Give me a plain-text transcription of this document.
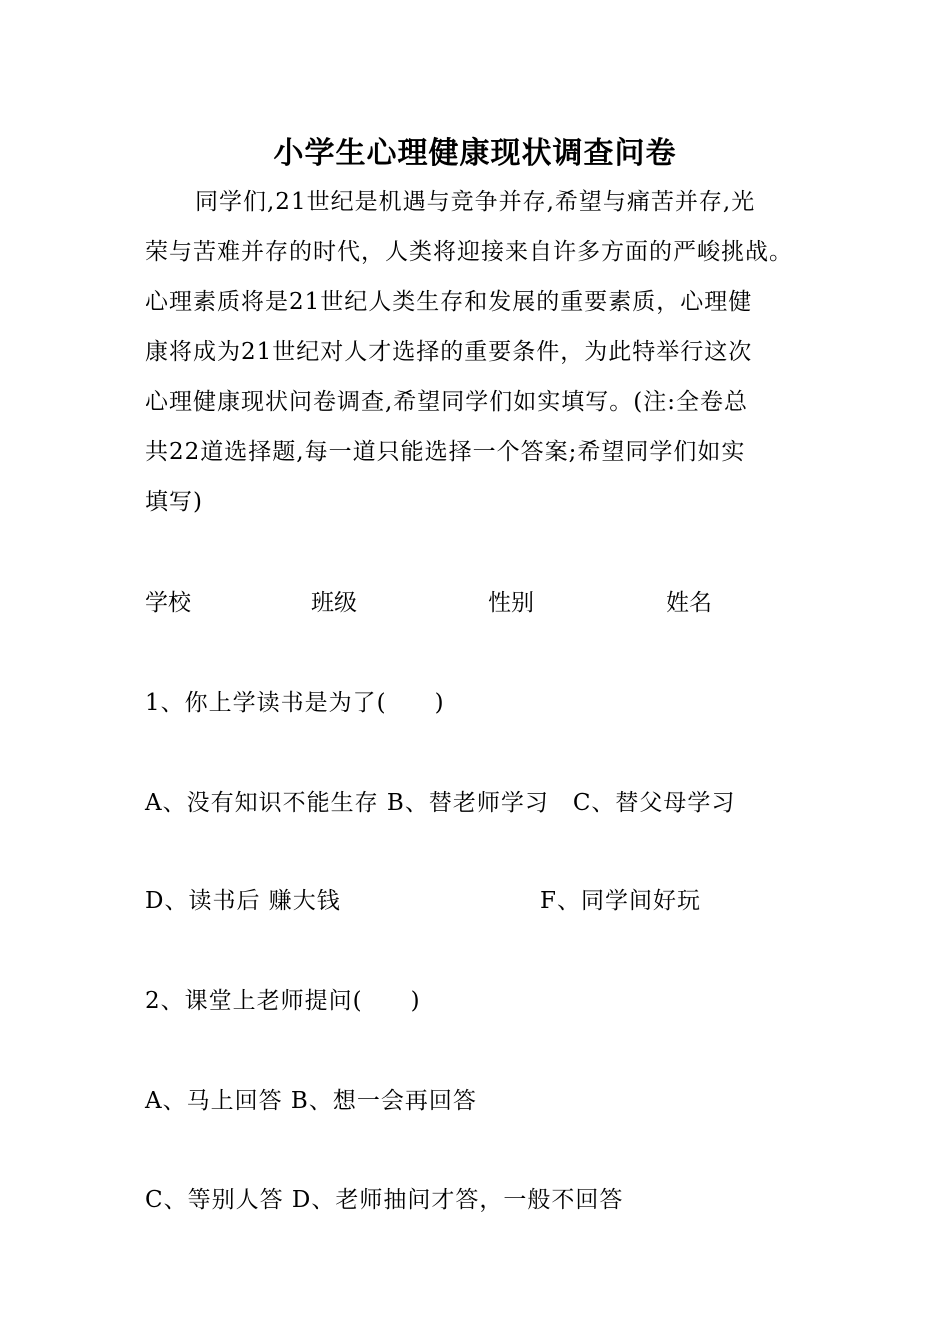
小学生心理健康现状调查问卷
同学们,21世纪是机遇与竞争并存,希望与痛苦并存,光
荣与苦难并存的时代，人类将迎接来自许多方面的严峻挑战。
心理素质将是21世纪人类生存和发展的重要素质，心理健
康将成为21世纪对人才选择的重要条件，为此特举行这次
心理健康现状问卷调查,希望同学们如实填写。(注:全卷总
共22道选择题,每一道只能选择一个答案;希望同学们如实
填写)
学校	班级	性别	姓名
1、你上学读书是为了(　　)
A、没有知识不能生存 B、替老师学习　C、替父母学习
D、读书后 赚大钱	F、同学间好玩
2、课堂上老师提问(　　)
A、马上回答 B、想一会再回答
C、等别人答 D、老师抽问才答，一般不回答
